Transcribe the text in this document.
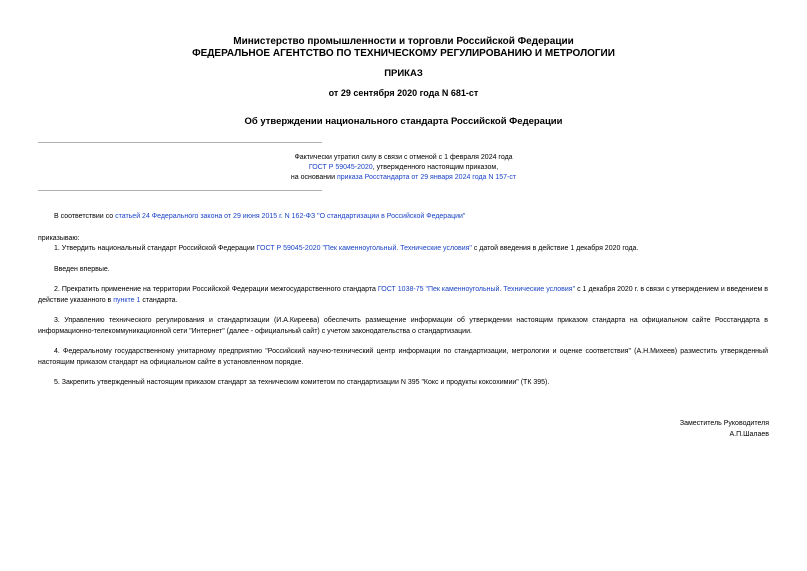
Министерство промышленности и торговли Российской Федерации
ФЕДЕРАЛЬНОЕ АГЕНТСТВО ПО ТЕХНИЧЕСКОМУ РЕГУЛИРОВАНИЮ И МЕТРОЛОГИИ
ПРИКАЗ
от 29 сентября 2020 года N 681-ст
Об утверждении национального стандарта Российской Федерации
Фактически утратил силу в связи с отменой с 1 февраля 2024 года
ГОСТ Р 59045-2020, утвержденного настоящим приказом,
на основании приказа Росстандарта от 29 января 2024 года N 157-ст
В соответствии со статьей 24 Федерального закона от 29 июня 2015 г. N 162-ФЗ "О стандартизации в Российской Федерации"
приказываю:
1. Утвердить национальный стандарт Российской Федерации ГОСТ Р 59045-2020 "Пек каменноугольный. Технические условия" с датой введения в действие 1 декабря 2020 года.
Введен впервые.
2. Прекратить применение на территории Российской Федерации межгосударственного стандарта ГОСТ 1038-75 "Пек каменноугольный. Технические условия" с 1 декабря 2020 г. в связи с утверждением и введением в действие указанного в пункте 1 стандарта.
3. Управлению технического регулирования и стандартизации (И.А.Киреева) обеспечить размещение информации об утверждении настоящим приказом стандарта на официальном сайте Росстандарта в информационно-телекоммуникационной сети "Интернет" (далее - официальный сайт) с учетом законодательства о стандартизации.
4. Федеральному государственному унитарному предприятию "Российский научно-технический центр информации по стандартизации, метрологии и оценке соответствия" (А.Н.Михеев) разместить утвержденный настоящим приказом стандарт на официальном сайте в установленном порядке.
5. Закрепить утвержденный настоящим приказом стандарт за техническим комитетом по стандартизации N 395 "Кокс и продукты коксохимии" (ТК 395).
Заместитель Руководителя
А.П.Шалаев
